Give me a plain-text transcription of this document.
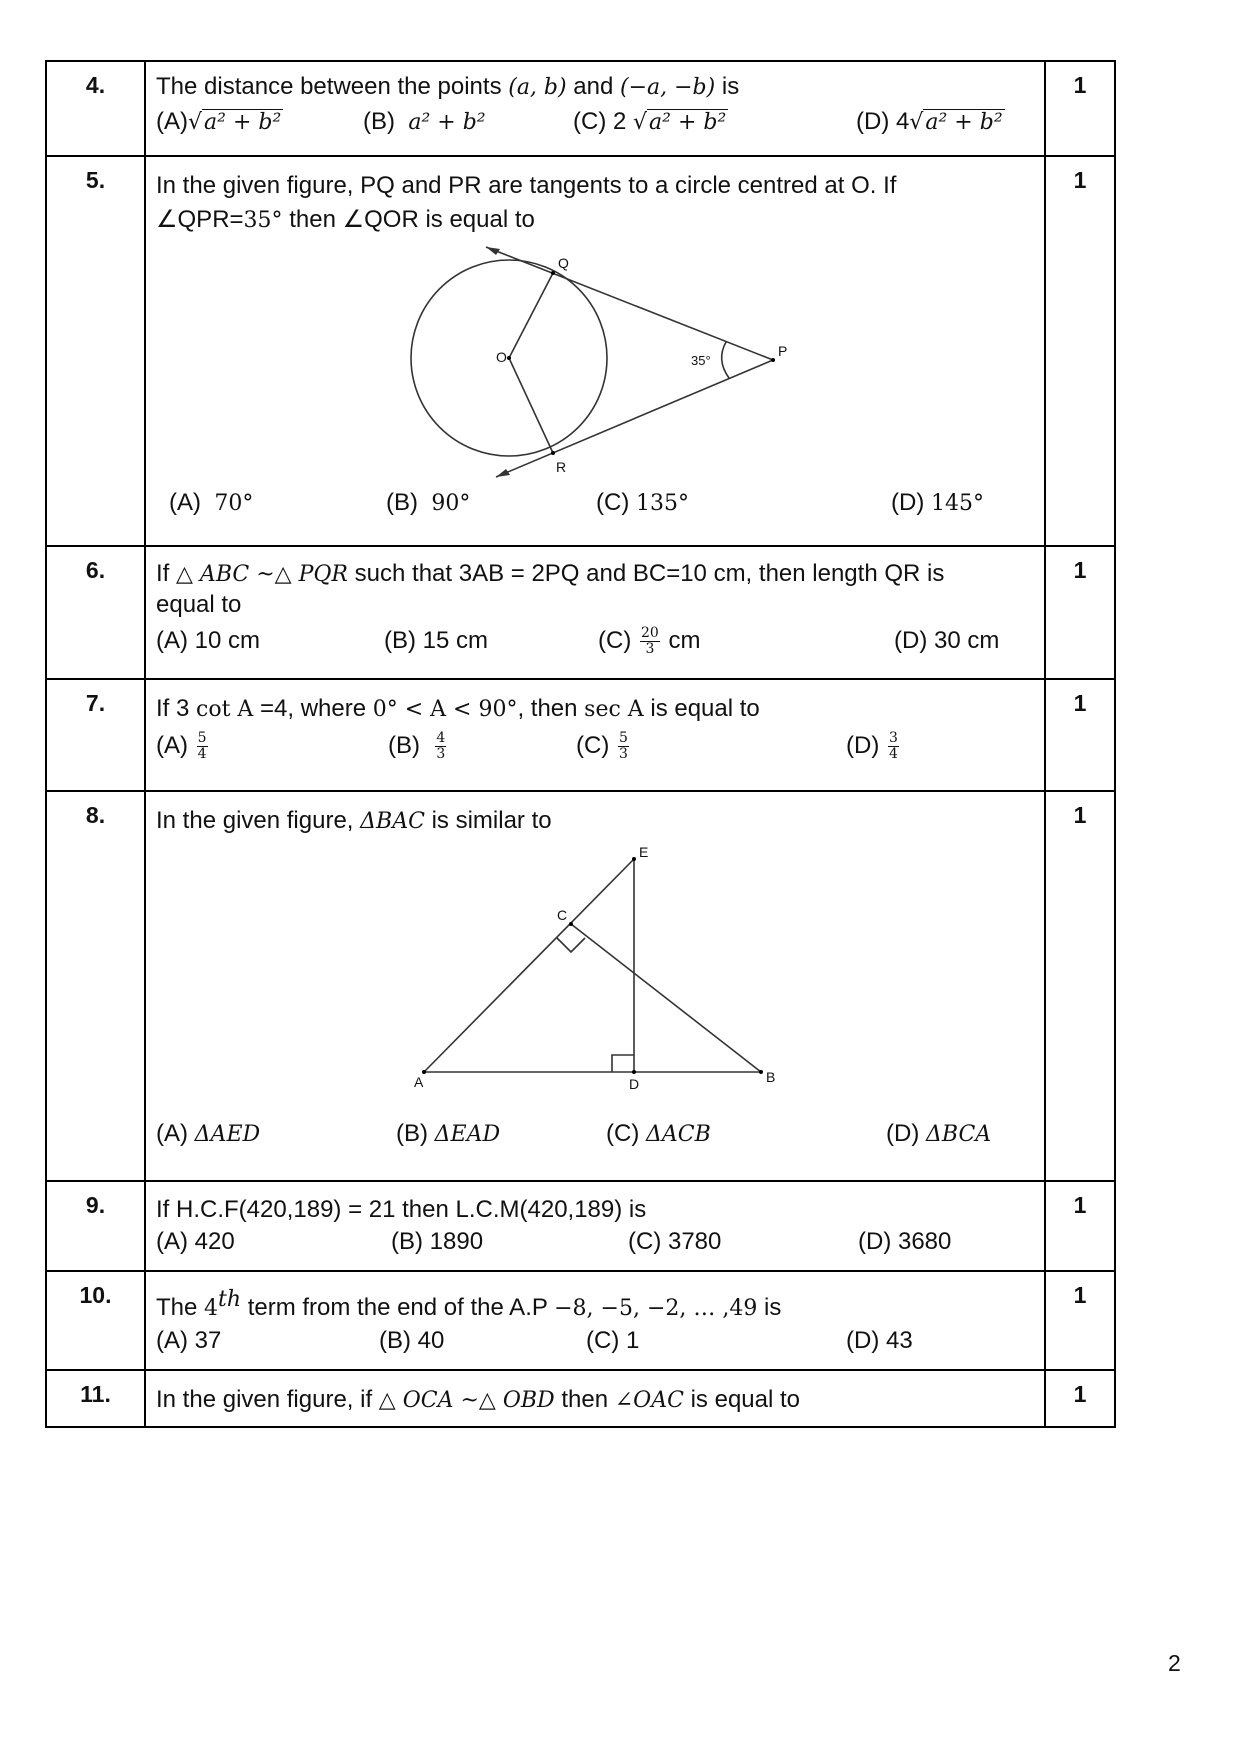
4.	The distance between the points (a, b) and (−a, −b) is
(A)√a² + b² (B) a² + b² (C) 2 √a² + b² (D) 4√a² + b²	1
5.	In the given figure, PQ and PR are tangents to a circle centred at O. If
∠QPR=35° then ∠QOR is equal to
Q
O	P
R
35°
(A) 70°	(B) 90°	(C) 135°	(D) 145°
	1
6.	If △ ABC ~△ PQR such that 3AB = 2PQ and BC=10 cm, then length QR is
equal to
(A) 10 cm	(B) 15 cm	$(C) \frac{20}{3}$ cm	(D) 30 cm
	1
7.	If 3 cot A =4, where 0° < A < 90°, then sec A is equal to
$(A) \frac{5}{4}$	$(B) \frac{4}{3}$	$(C) \frac{5}{3}$	$(D) \frac{3}{4}$
	1
8.	In the given figure, ΔBAC is similar to
E
C
A	D	B
(A) ΔAED	(B) ΔEAD	(C) ΔACB	(D) ΔBCA
	1
9.	If H.C.F(420,189) = 21 then L.C.M(420,189) is
(A) 420 (B) 1890 (C) 3780 (D) 3680	1
10.	The 4th term from the end of the A.P −8, −5, −2, … ,49 is
(A) 37 (B) 40 (C) 1 (D) 43	1
11.	In the given figure, if △ OCA ~△ OBD then ∠OAC is equal to	1
2
